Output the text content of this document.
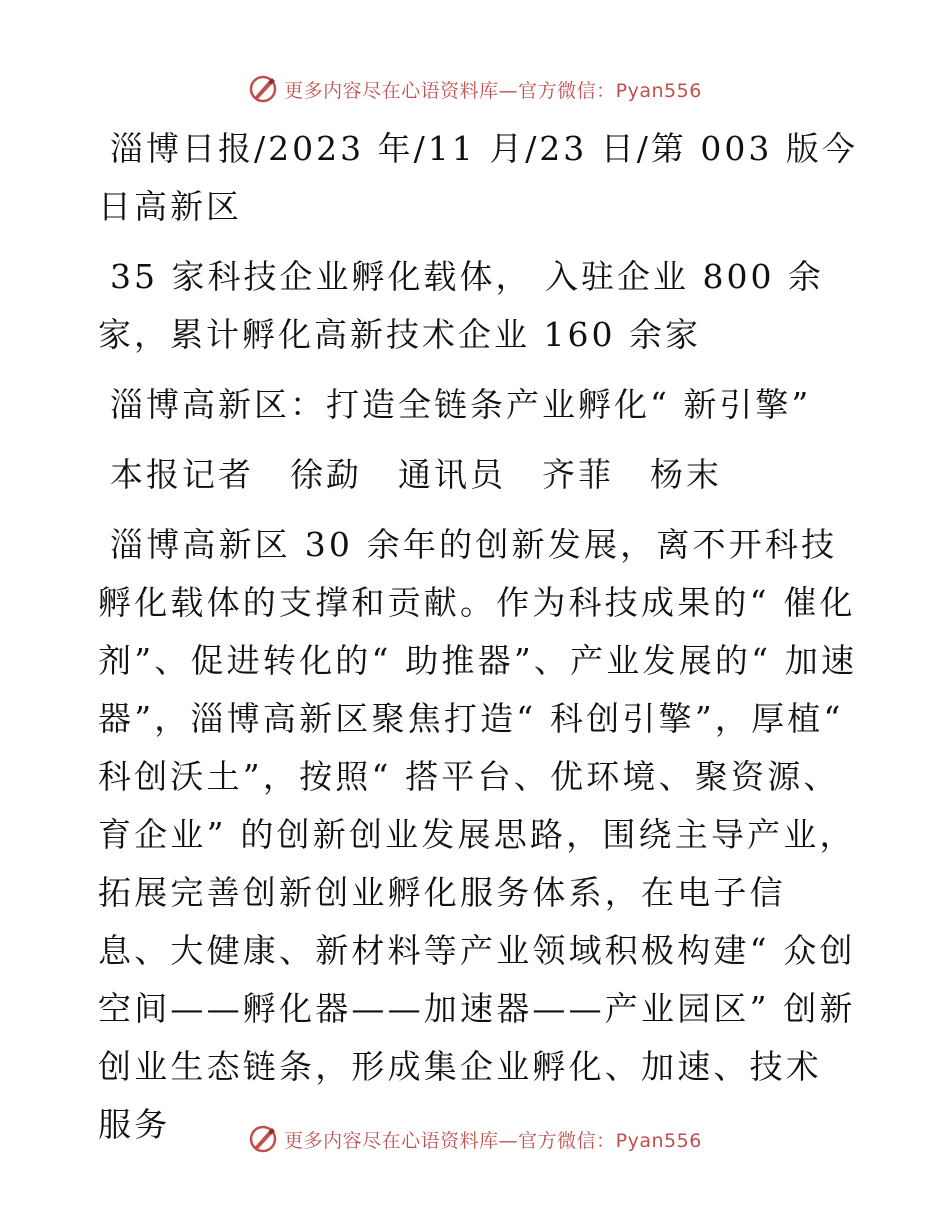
更多内容尽在心语资料库—官方微信：Pyan556

淄博日报/2023 年/11 月/23 日/第 003 版今日高新区

35 家科技企业孵化载体， 入驻企业 800 余家，累计孵化高新技术企业 160 余家

淄博高新区：打造全链条产业孵化“ 新引擎”

本报记者　徐勐　通讯员　齐菲　杨末

淄博高新区 30 余年的创新发展，离不开科技孵化载体的支撑和贡献。作为科技成果的“ 催化剂”、促进转化的“ 助推器”、产业发展的“ 加速器”，淄博高新区聚焦打造“ 科创引擎”，厚植“ 科创沃土”，按照“ 搭平台、优环境、聚资源、育企业” 的创新创业发展思路，围绕主导产业，拓展完善创新创业孵化服务体系，在电子信息、大健康、新材料等产业领域积极构建“ 众创空间——孵化器——加速器——产业园区” 创新创业生态链条，形成集企业孵化、加速、技术服务	更多内容尽在心语资料库—官方微信：Pyan556
